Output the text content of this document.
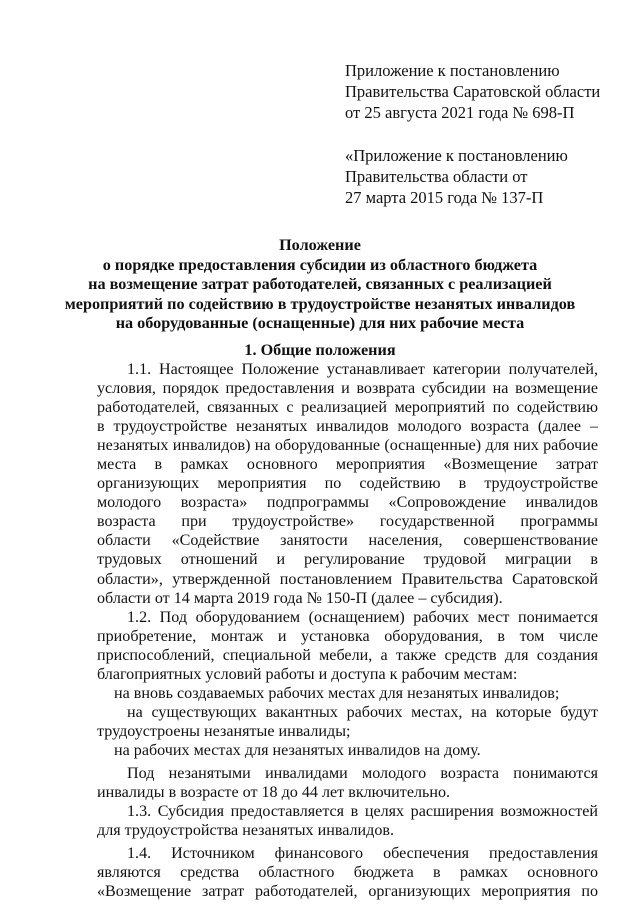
Приложение к постановлению
Правительства Саратовской области
от 25 августа 2021 года № 698-П
«Приложение к постановлению
Правительства области от
27 марта 2015 года № 137-П
Положение
о порядке предоставления субсидии из областного бюджета
на возмещение затрат работодателей, связанных с реализацией
мероприятий по содействию в трудоустройстве незанятых инвалидов
на оборудованные (оснащенные) для них рабочие места
1. Общие положения
1.1. Настоящее Положение устанавливает категории получателей,
условия, порядок предоставления и возврата субсидии на возмещение
работодателей, связанных с реализацией мероприятий по содействию
в трудоустройстве незанятых инвалидов молодого возраста (далее –
незанятых инвалидов) на оборудованные (оснащенные) для них рабочие
места в рамках основного мероприятия «Возмещение затрат
организующих мероприятия по содействию в трудоустройстве
молодого возраста» подпрограммы «Сопровождение инвалидов
возраста при трудоустройстве» государственной программы
области «Содействие занятости населения, совершенствование
трудовых отношений и регулирование трудовой миграции в
области», утвержденной постановлением Правительства Саратовской
области от 14 марта 2019 года № 150-П (далее – субсидия).
1.2. Под оборудованием (оснащением) рабочих мест понимается
приобретение, монтаж и установка оборудования, в том числе
приспособлений, специальной мебели, а также средств для создания
благоприятных условий работы и доступа к рабочим местам:
на вновь создаваемых рабочих местах для незанятых инвалидов;
на существующих вакантных рабочих местах, на которые будут
трудоустроены незанятые инвалиды;
на рабочих местах для незанятых инвалидов на дому.
Под незанятыми инвалидами молодого возраста понимаются
инвалиды в возрасте от 18 до 44 лет включительно.
1.3. Субсидия предоставляется в целях расширения возможностей
для трудоустройства незанятых инвалидов.
1.4. Источником финансового обеспечения предоставления
являются средства областного бюджета в рамках основного
«Возмещение затрат работодателей, организующих мероприятия по
